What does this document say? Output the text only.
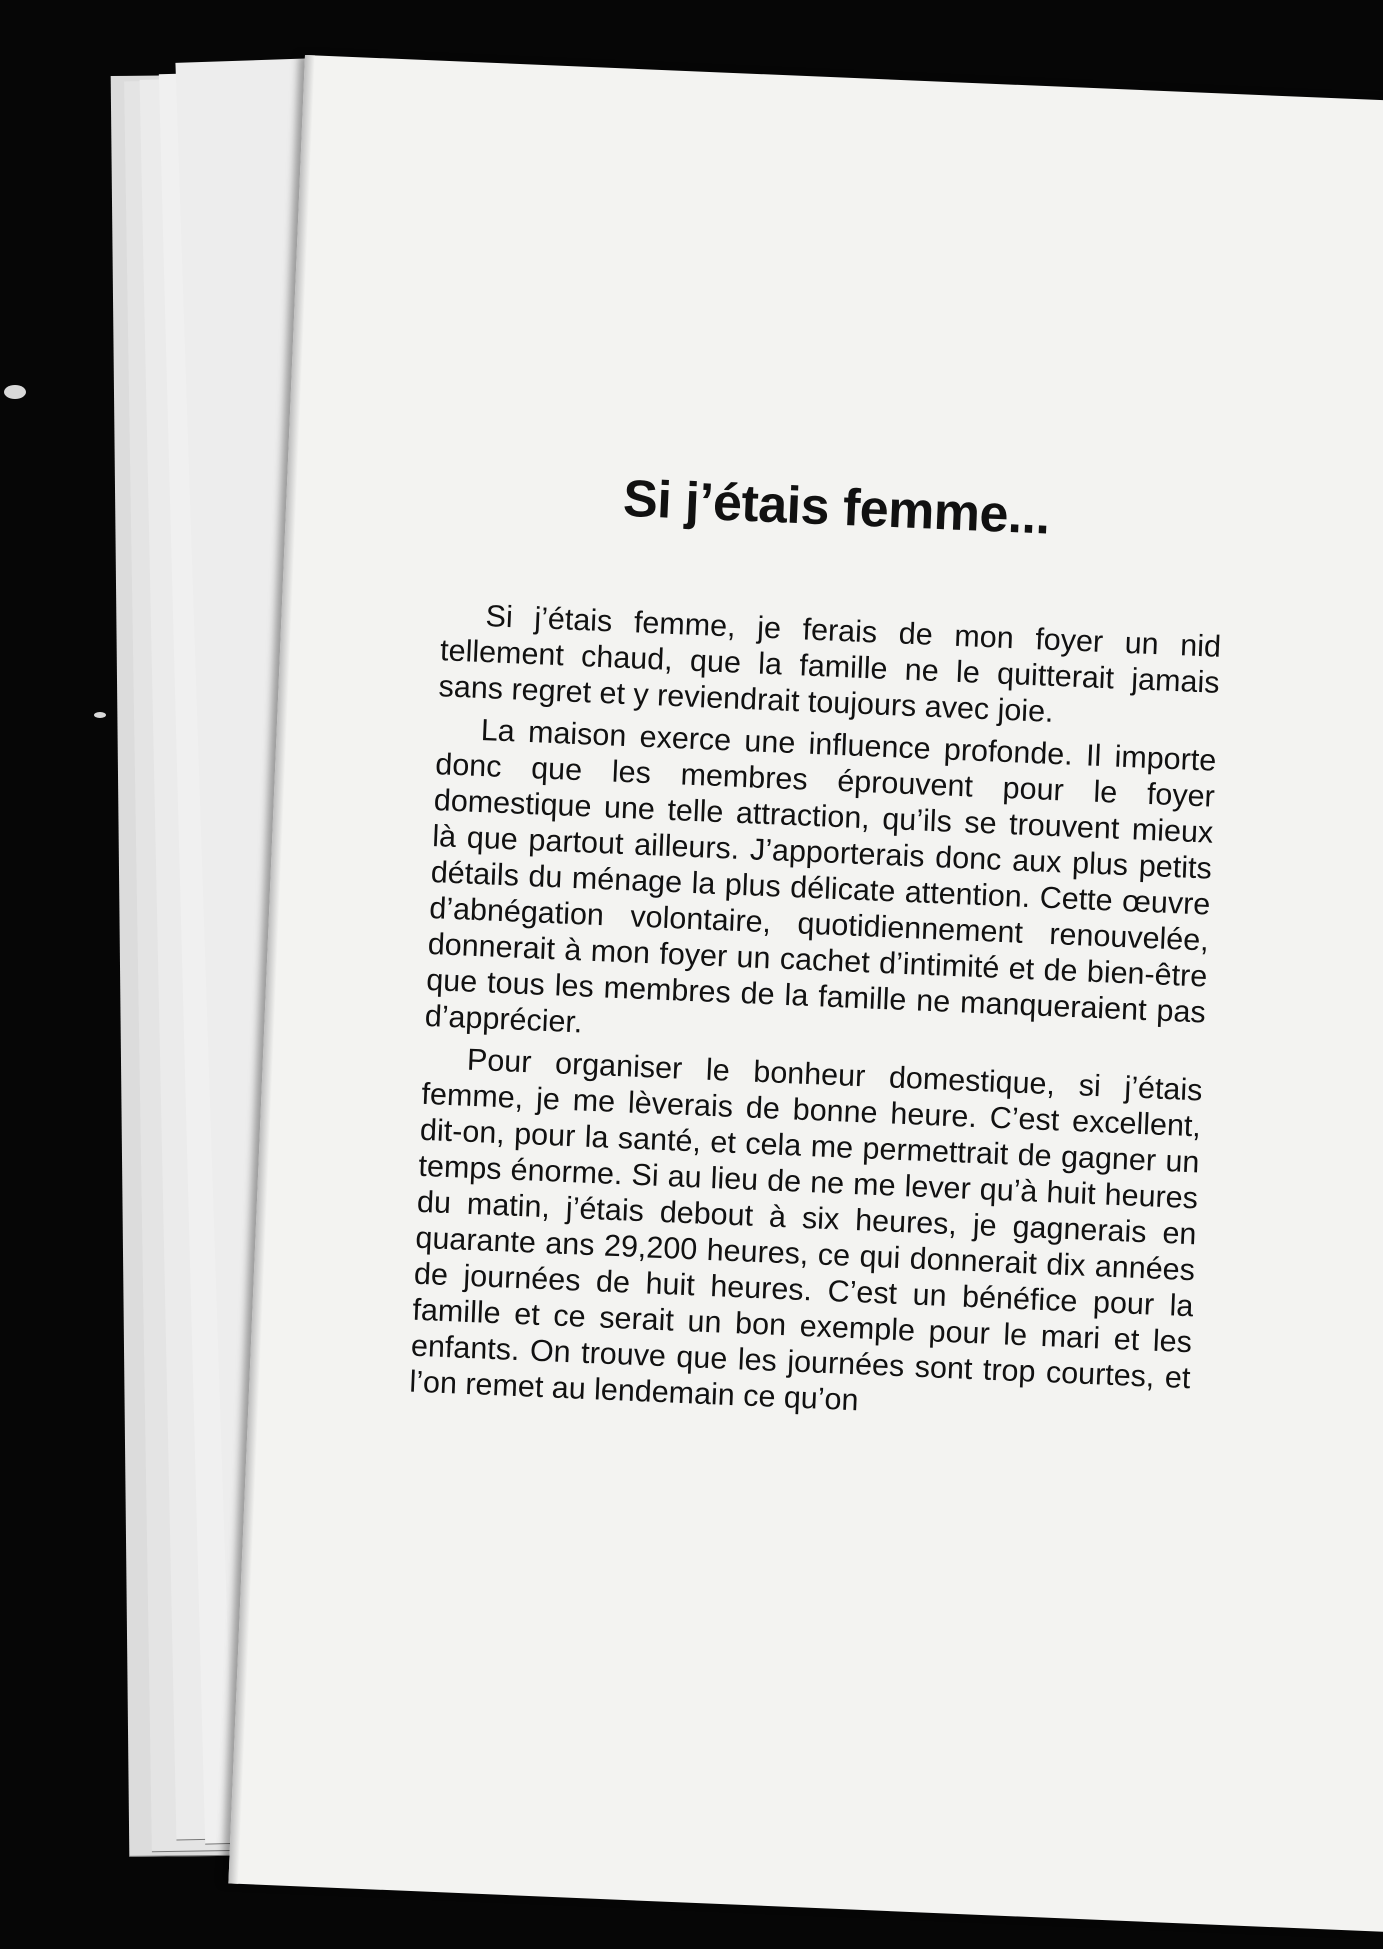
Si j’étais femme...

Si j’étais femme, je ferais de mon foyer un nid tellement chaud, que la famille ne le quitterait jamais sans regret et y reviendrait toujours avec joie.

La maison exerce une influence profonde. Il importe donc que les membres éprouvent pour le foyer domestique une telle attraction, qu’ils se trouvent mieux là que partout ailleurs. J’apporterais donc aux plus petits détails du ménage la plus délicate attention. Cette œuvre d’abnégation volontaire, quotidiennement renouvelée, donnerait à mon foyer un cachet d’intimité et de bien-être que tous les membres de la famille ne manqueraient pas d’apprécier.

Pour organiser le bonheur domestique, si j’étais femme, je me lèverais de bonne heure. C’est excellent, dit-on, pour la santé, et cela me permettrait de gagner un temps énorme. Si au lieu de ne me lever qu’à huit heures du matin, j’étais debout à six heures, je gagnerais en quarante ans 29,200 heures, ce qui donnerait dix années de journées de huit heures. C’est un bénéfice pour la famille et ce serait un bon exemple pour le mari et les enfants. On trouve que les journées sont trop courtes, et l’on remet au lendemain ce qu’on
